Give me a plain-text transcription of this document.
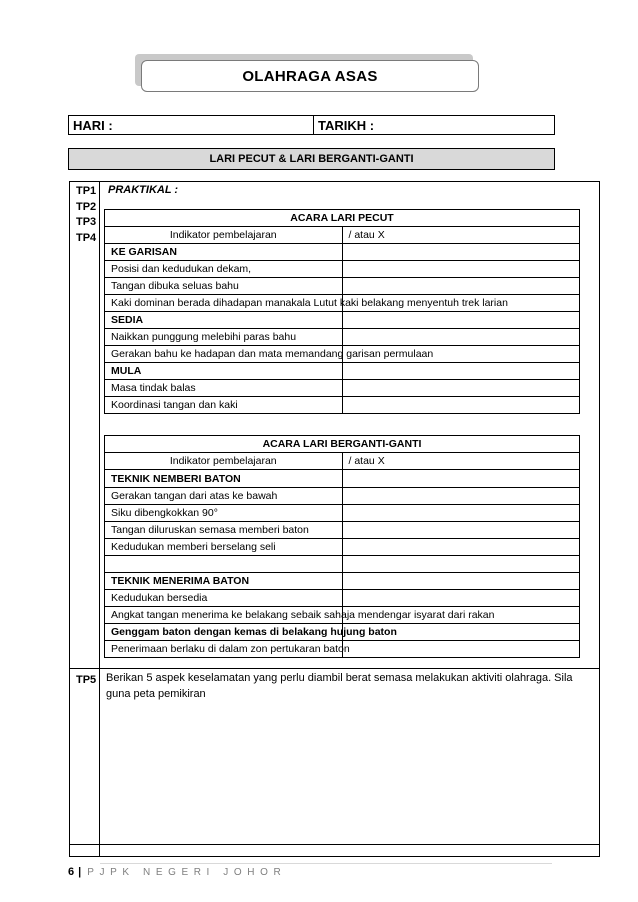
OLAHRAGA ASAS
HARI :	TARIKH :
LARI PECUT & LARI BERGANTI-GANTI
TP1
TP2
TP3
TP4
PRAKTIKAL :
ACARA LARI PECUT	
Indikator pembelajaran	/ atau X
KE GARISAN	
Posisi dan kedudukan dekam,	
Tangan dibuka seluas bahu	
Kaki dominan berada dihadapan manakala Lutut kaki belakang menyentuh trek larian	
SEDIA	
Naikkan punggung melebihi paras bahu	
Gerakan bahu ke hadapan dan mata memandang garisan permulaan	
MULA	
Masa tindak balas	
Koordinasi tangan dan kaki	
ACARA LARI BERGANTI-GANTI	
Indikator pembelajaran	/ atau X
TEKNIK NEMBERI BATON	
Gerakan tangan dari atas ke bawah	
Siku dibengkokkan 90°	
Tangan diluruskan semasa memberi baton	
Kedudukan memberi berselang seli	

TEKNIK MENERIMA BATON	
Kedudukan bersedia	
Angkat tangan menerima ke belakang sebaik sahaja mendengar isyarat dari rakan	
Genggam baton dengan kemas di belakang hujung baton	
Penerimaan berlaku di dalam zon pertukaran baton	
TP5 Berikan 5 aspek keselamatan yang perlu diambil berat semasa melakukan aktiviti olahraga. Sila guna peta pemikiran
6 | PJPK NEGERI JOHOR
